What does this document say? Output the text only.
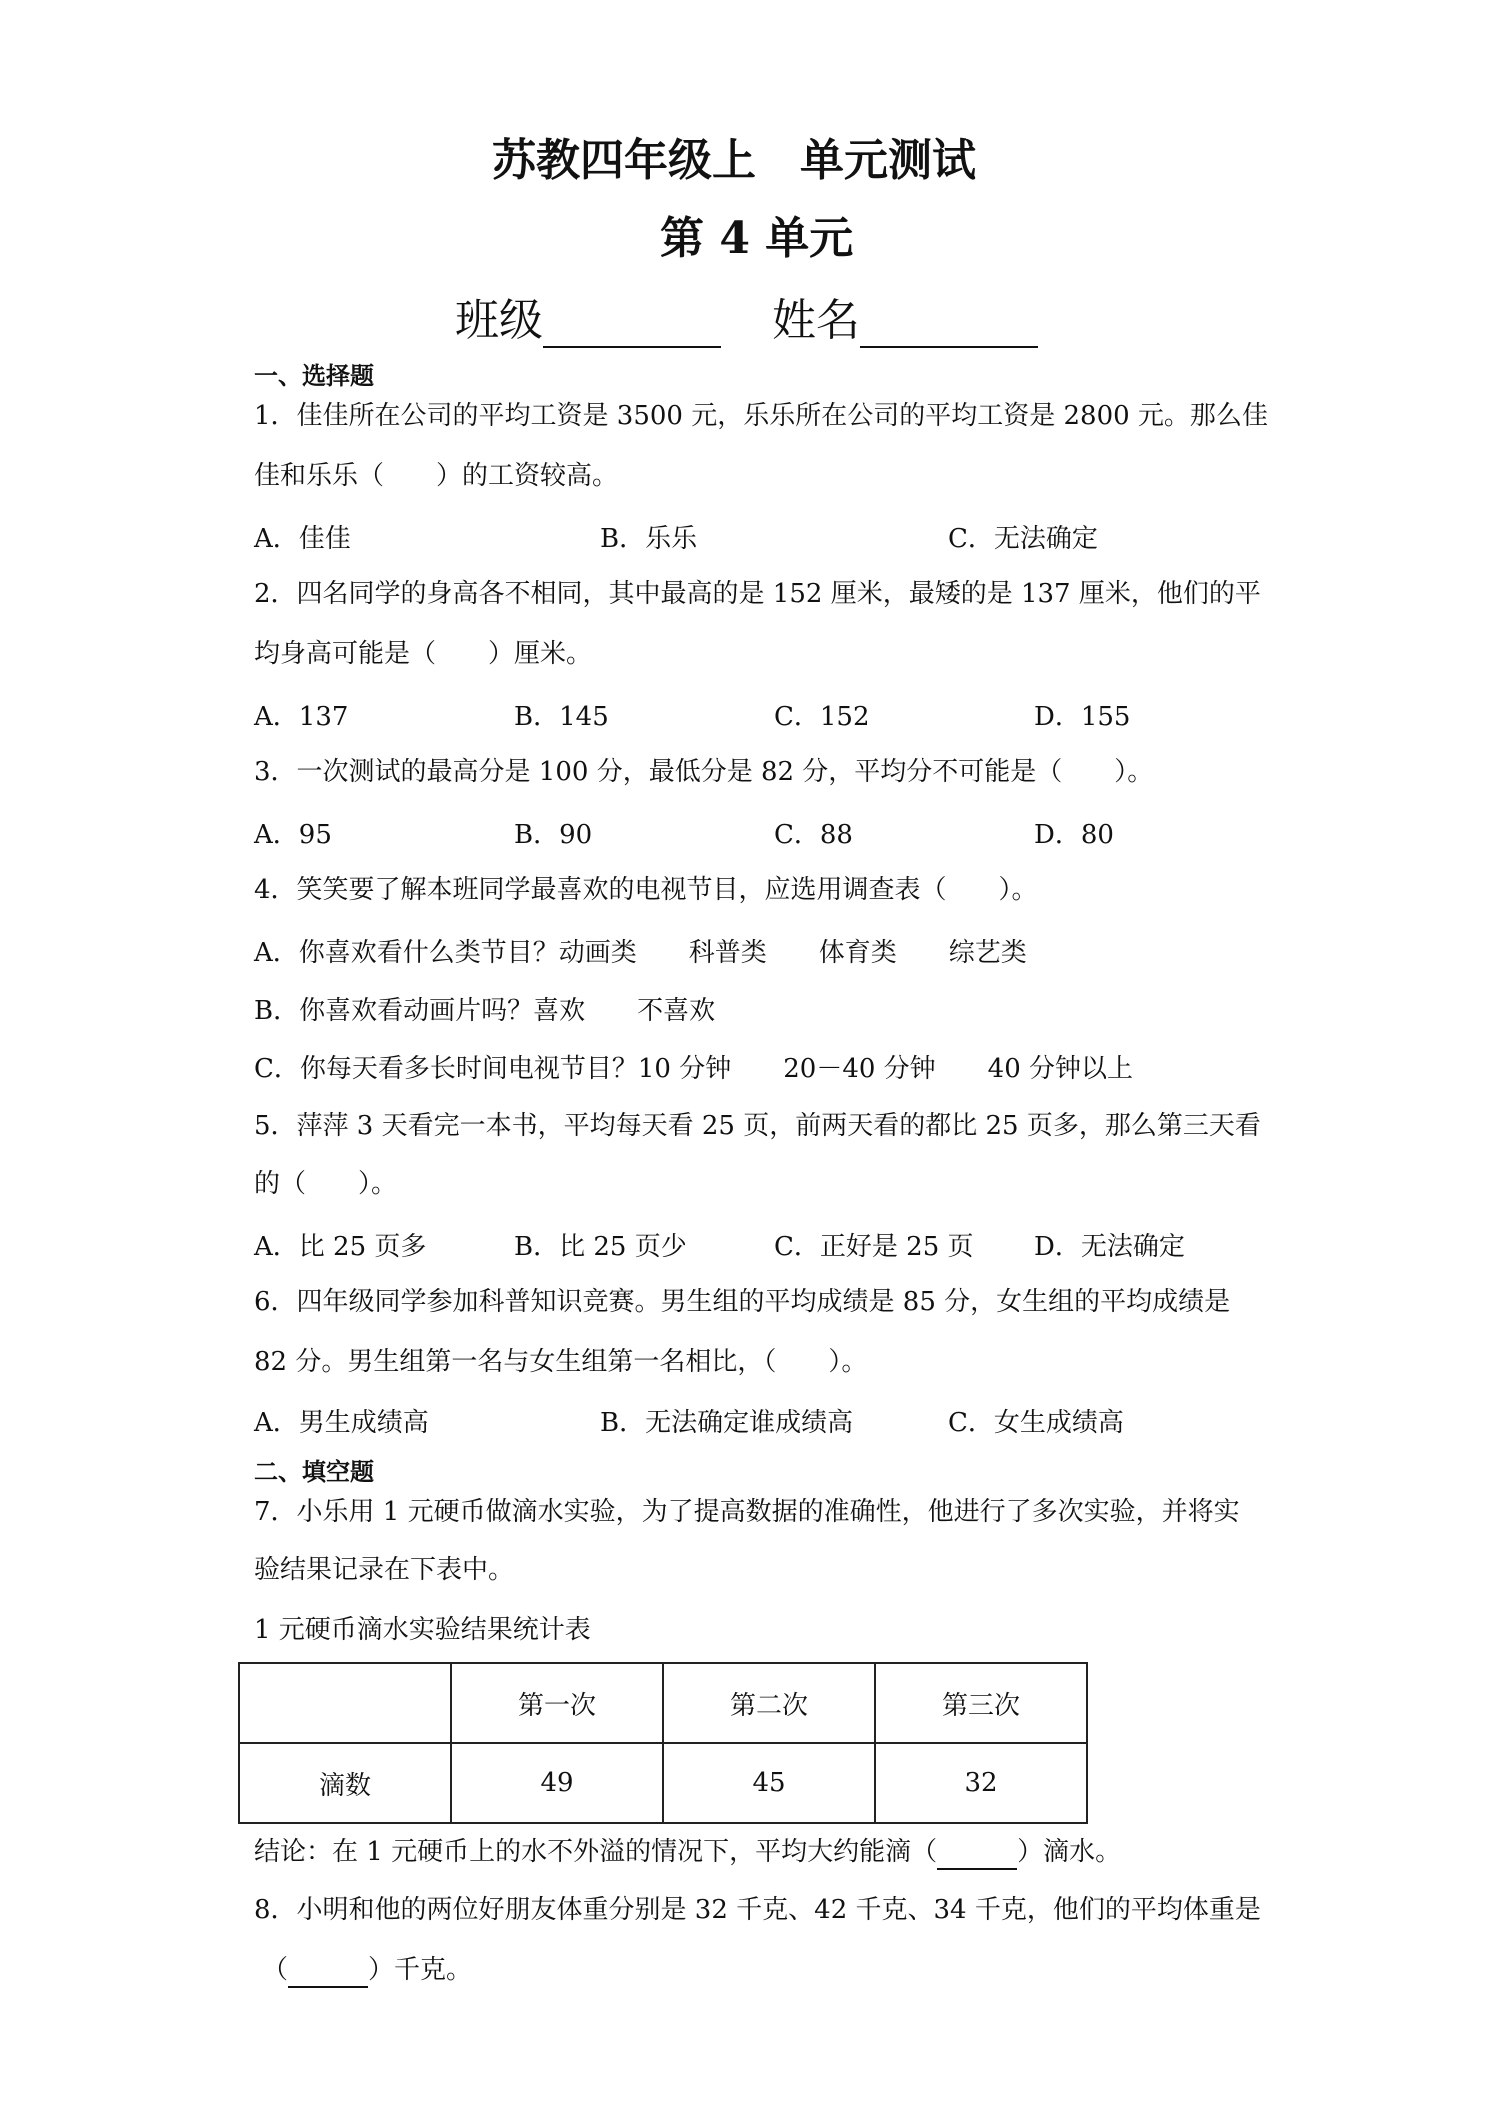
苏教四年级上 单元测试
第 4 单元
班级	姓名
一、选择题
1．佳佳所在公司的平均工资是 3500 元，乐乐所在公司的平均工资是 2800 元。那么佳
佳和乐乐（　　）的工资较高。
A．佳佳	B．乐乐	C．无法确定
2．四名同学的身高各不相同，其中最高的是 152 厘米，最矮的是 137 厘米，他们的平
均身高可能是（　　）厘米。
A．137	B．145	C．152	D．155
3．一次测试的最高分是 100 分，最低分是 82 分，平均分不可能是（　　）。
A．95	B．90	C．88	D．80
4．笑笑要了解本班同学最喜欢的电视节目，应选用调查表（　　）。
A．你喜欢看什么类节目？动画类　　科普类　　体育类　　综艺类
B．你喜欢看动画片吗？喜欢　　不喜欢
C．你每天看多长时间电视节目？10 分钟　　20－40 分钟　　40 分钟以上
5．萍萍 3 天看完一本书，平均每天看 25 页，前两天看的都比 25 页多，那么第三天看
的（　　）。
A．比 25 页多	B．比 25 页少	C．正好是 25 页 D．无法确定
6．四年级同学参加科普知识竞赛。男生组的平均成绩是 85 分，女生组的平均成绩是
82 分。男生组第一名与女生组第一名相比，（　　）。
A．男生成绩高	B．无法确定谁成绩高	C．女生成绩高
二、填空题
7．小乐用 1 元硬币做滴水实验，为了提高数据的准确性，他进行了多次实验，并将实
验结果记录在下表中。
1 元硬币滴水实验结果统计表
	第一次	第二次	第三次
滴数	49	45	32
结论：在 1 元硬币上的水不外溢的情况下，平均大约能滴（	）滴水。
8．小明和他的两位好朋友体重分别是 32 千克、42 千克、34 千克，他们的平均体重是
（	）千克。
